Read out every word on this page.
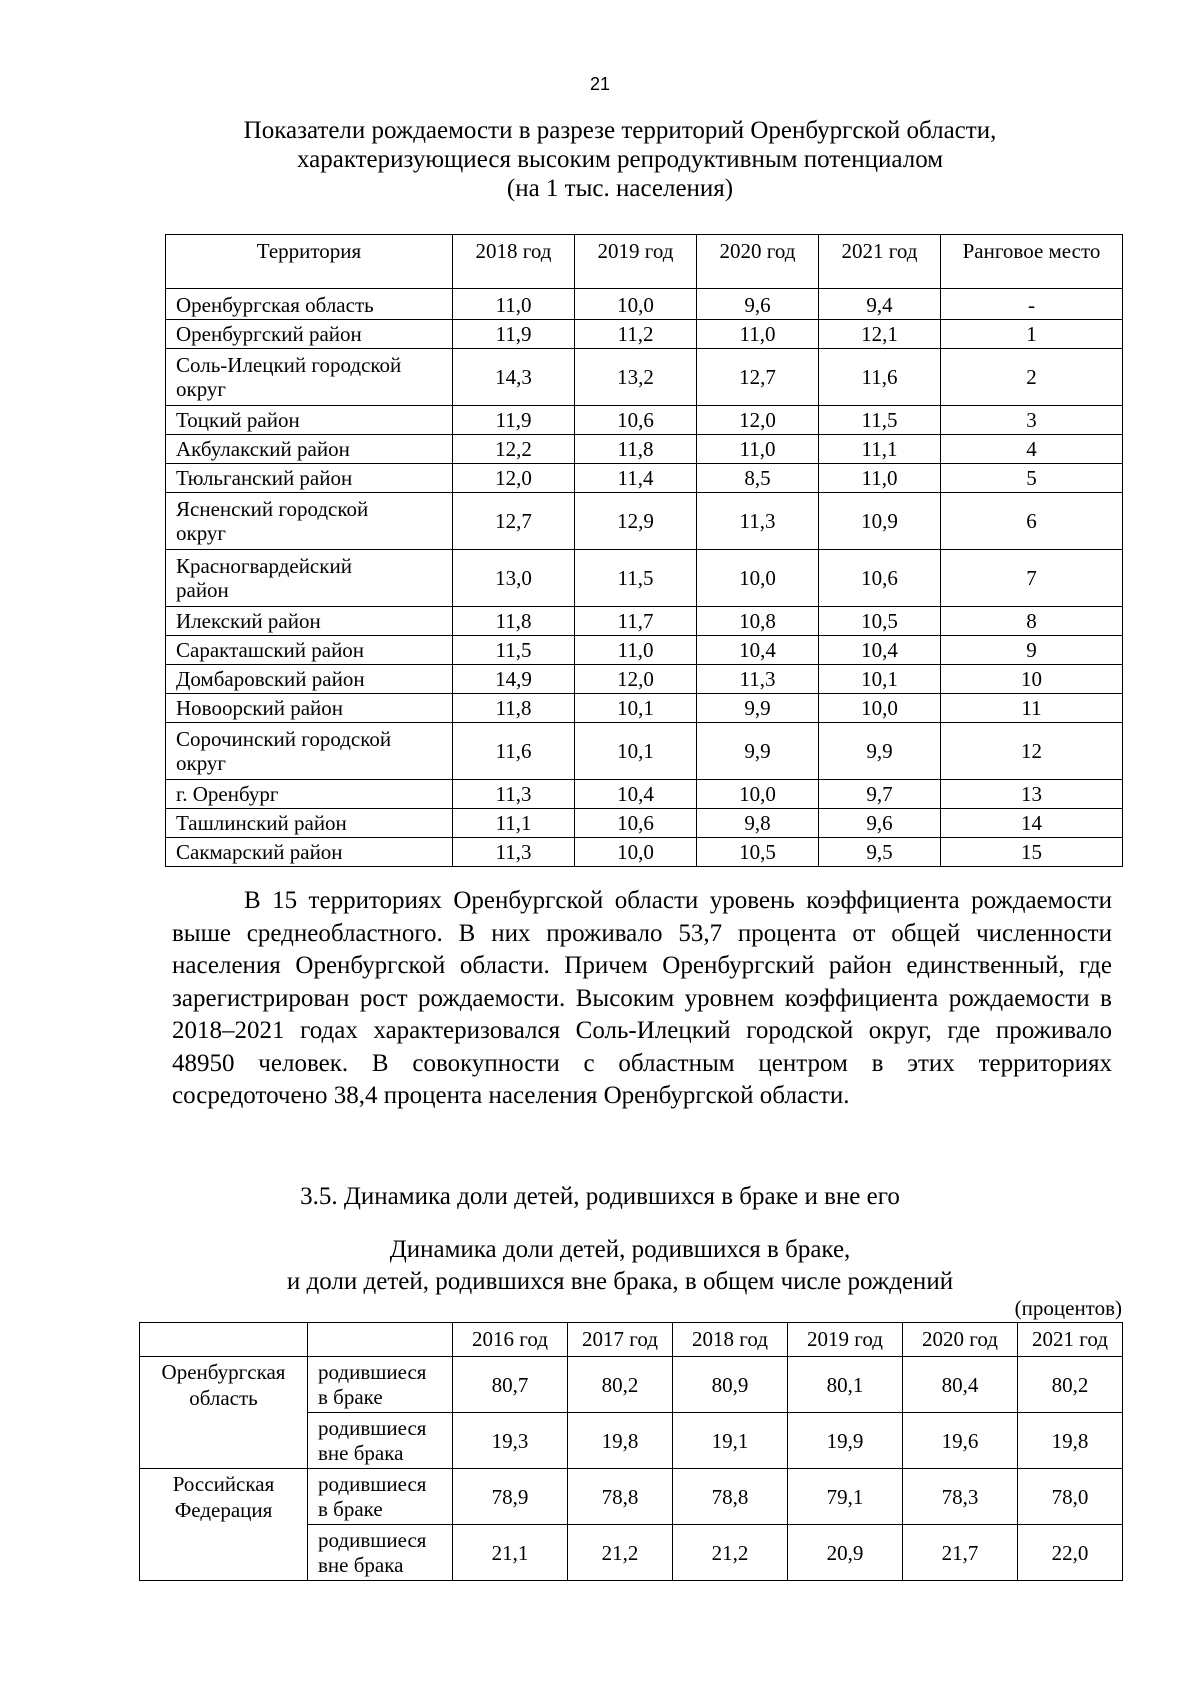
21
Показатели рождаемости в разрезе территорий Оренбургской области,
характеризующиеся высоким репродуктивным потенциалом
(на 1 тыс. населения)
Территория	2018 год	2019 год	2020 год	2021 год	Ранговое место
Оренбургская область	11,0	10,0	9,6	9,4	-
Оренбургский район	11,9	11,2	11,0	12,1	1
Соль-Илецкий городской
округ	14,3	13,2	12,7	11,6	2
Тоцкий район	11,9	10,6	12,0	11,5	3
Акбулакский район	12,2	11,8	11,0	11,1	4
Тюльганский район	12,0	11,4	8,5	11,0	5
Ясненский городской
округ	12,7	12,9	11,3	10,9	6
Красногвардейский
район	13,0	11,5	10,0	10,6	7
Илекский район	11,8	11,7	10,8	10,5	8
Саракташский район	11,5	11,0	10,4	10,4	9
Домбаровский район	14,9	12,0	11,3	10,1	10
Новоорский район	11,8	10,1	9,9	10,0	11
Сорочинский городской
округ	11,6	10,1	9,9	9,9	12
г. Оренбург	11,3	10,4	10,0	9,7	13
Ташлинский район	11,1	10,6	9,8	9,6	14
Сакмарский район	11,3	10,0	10,5	9,5	15

В 15 территориях Оренбургской области уровень коэффициента рождаемости выше среднеобластного. В них проживало 53,7 процента от общей численности населения Оренбургской области. Причем Оренбургский район единственный, где зарегистрирован рост рождаемости. Высоким уровнем коэффициента рождаемости в 2018–2021 годах характеризовался Соль-Илецкий городской округ, где проживало 48950 человек. В совокупности с областным центром в этих территориях сосредоточено 38,4 процента населения Оренбургской области.

3.5. Динамика доли детей, родившихся в браке и вне его
Динамика доли детей, родившихся в браке,
и доли детей, родившихся вне брака, в общем числе рождений
(процентов)
		2016 год	2017 год	2018 год	2019 год	2020 год	2021 год
Оренбургская
область	родившиеся
в браке	80,7	80,2	80,9	80,1	80,4	80,2
	родившиеся
вне брака	19,3	19,8	19,1	19,9	19,6	19,8
Российская
Федерация	родившиеся
в браке	78,9	78,8	78,8	79,1	78,3	78,0
	родившиеся
вне брака	21,1	21,2	21,2	20,9	21,7	22,0
